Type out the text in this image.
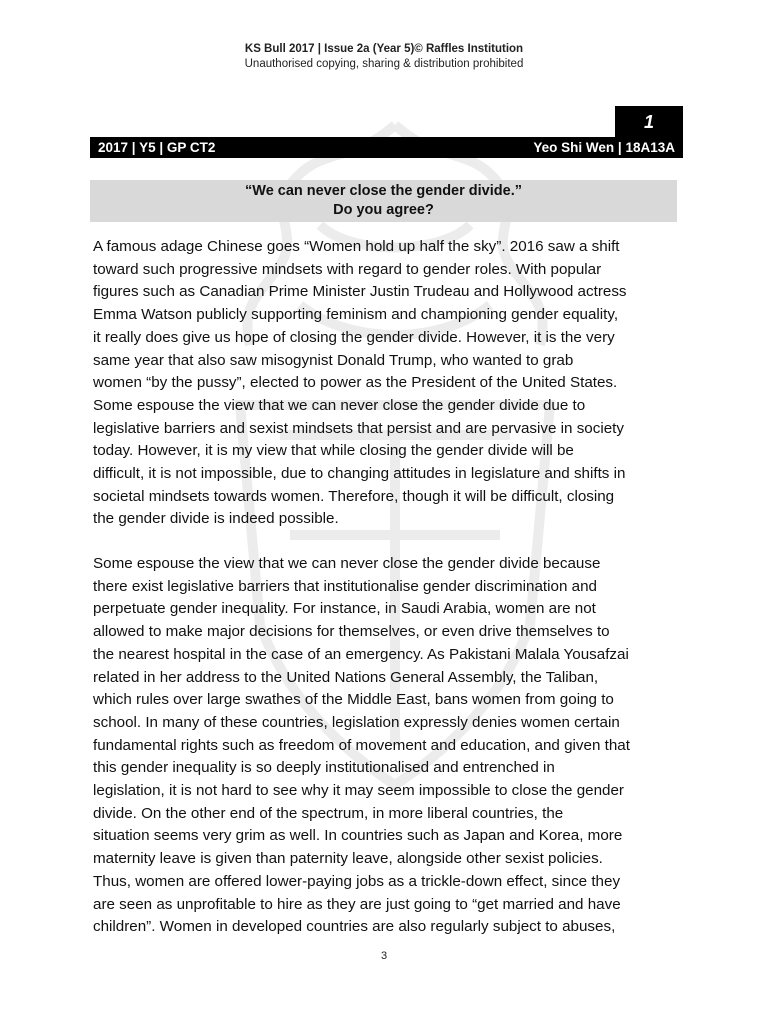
KS Bull 2017 | Issue 2a (Year 5)© Raffles Institution
Unauthorised copying, sharing & distribution prohibited
1
2017 | Y5 | GP CT2	Yeo Shi Wen | 18A13A
“We can never close the gender divide.”
Do you agree?
A famous adage Chinese goes “Women hold up half the sky”. 2016 saw a shift
toward such progressive mindsets with regard to gender roles. With popular
figures such as Canadian Prime Minister Justin Trudeau and Hollywood actress
Emma Watson publicly supporting feminism and championing gender equality,
it really does give us hope of closing the gender divide. However, it is the very
same year that also saw misogynist Donald Trump, who wanted to grab
women “by the pussy”, elected to power as the President of the United States.
Some espouse the view that we can never close the gender divide due to
legislative barriers and sexist mindsets that persist and are pervasive in society
today. However, it is my view that while closing the gender divide will be
difficult, it is not impossible, due to changing attitudes in legislature and shifts in
societal mindsets towards women. Therefore, though it will be difficult, closing
the gender divide is indeed possible.
Some espouse the view that we can never close the gender divide because
there exist legislative barriers that institutionalise gender discrimination and
perpetuate gender inequality. For instance, in Saudi Arabia, women are not
allowed to make major decisions for themselves, or even drive themselves to
the nearest hospital in the case of an emergency. As Pakistani Malala Yousafzai
related in her address to the United Nations General Assembly, the Taliban,
which rules over large swathes of the Middle East, bans women from going to
school. In many of these countries, legislation expressly denies women certain
fundamental rights such as freedom of movement and education, and given that
this gender inequality is so deeply institutionalised and entrenched in
legislation, it is not hard to see why it may seem impossible to close the gender
divide. On the other end of the spectrum, in more liberal countries, the
situation seems very grim as well. In countries such as Japan and Korea, more
maternity leave is given than paternity leave, alongside other sexist policies.
Thus, women are offered lower-paying jobs as a trickle-down effect, since they
are seen as unprofitable to hire as they are just going to “get married and have
children”. Women in developed countries are also regularly subject to abuses,
3
